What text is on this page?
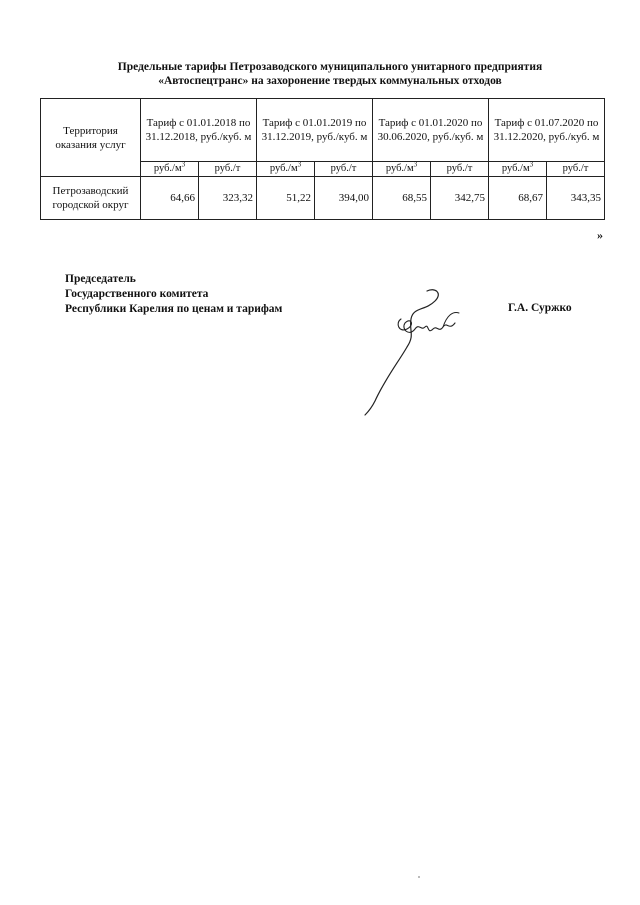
Предельные тарифы Петрозаводского муниципального унитарного предприятия
«Автоспецтранс» на захоронение твердых коммунальных отходов
Территория оказания услуг	Тариф с 01.01.2018 по 31.12.2018, руб./куб. м		Тариф с 01.01.2019 по 31.12.2019, руб./куб. м		Тариф с 01.01.2020 по 30.06.2020, руб./куб. м		Тариф с 01.07.2020 по 31.12.2020, руб./куб. м	

	$руб./м^3$	руб./т	$руб./м^3$	руб./т	$руб./м^3$	руб./т	$руб./м^3$	руб./т
Петрозаводский городской округ	64,66	323,32	51,22	394,00	68,55	342,75	68,67	343,35
»
Председатель
Государственного комитета
Республики Карелия по ценам и тарифам	Г.А. Суржко
